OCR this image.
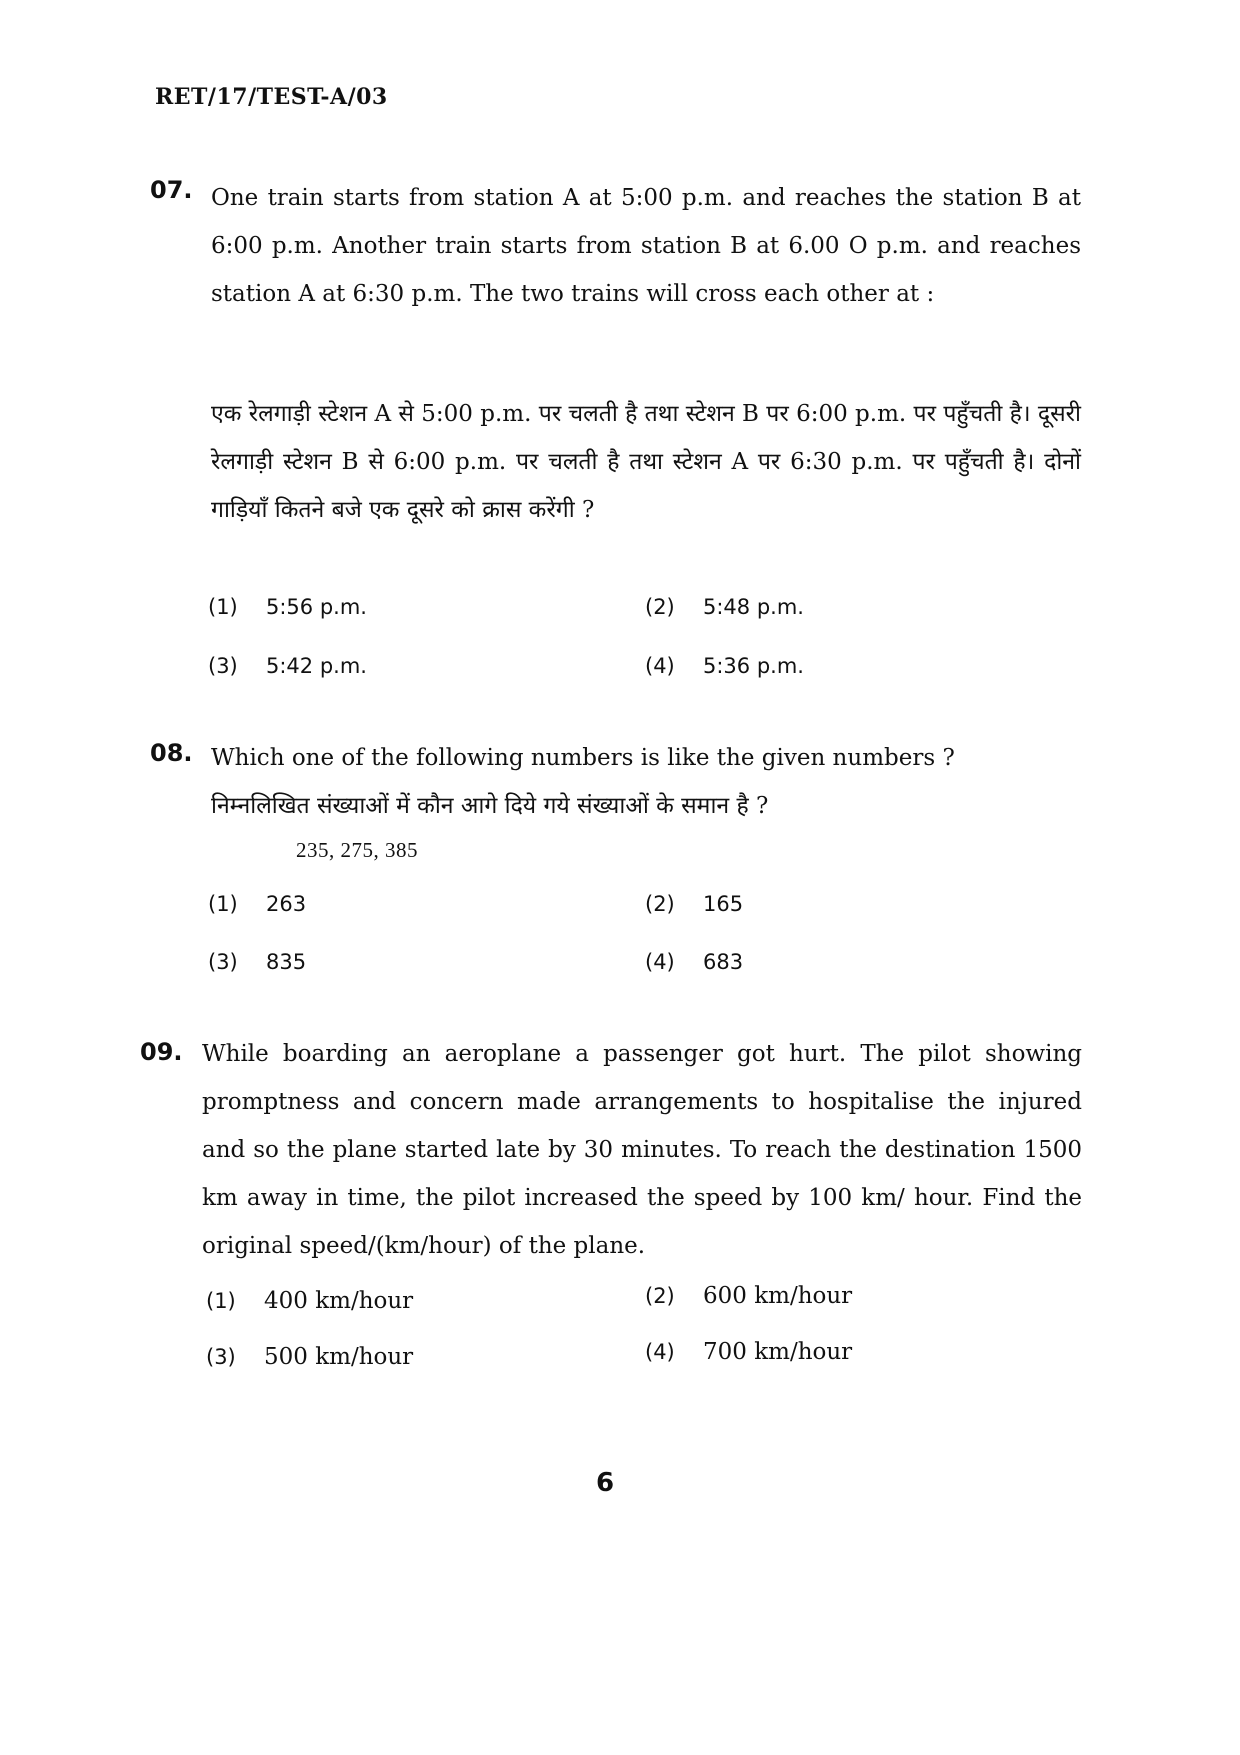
RET/17/TEST-A/03
07. One train starts from station A at 5:00 p.m. and reaches the station B at 6:00 p.m. Another train starts from station B at 6.00 O p.m. and reaches station A at 6:30 p.m. The two trains will cross each other at :
एक रेलगाड़ी स्टेशन A से 5:00 p.m. पर चलती है तथा स्टेशन B पर 6:00 p.m. पर पहुँचती है। दूसरी रेलगाड़ी स्टेशन B से 6:00 p.m. पर चलती है तथा स्टेशन A पर 6:30 p.m. पर पहुँचती है। दोनों गाड़ियाँ कितने बजे एक दूसरे को क्रास करेंगी ?
(1)	5:56 p.m.	(2)	5:48 p.m.
(3)	5:42 p.m.	(4)	5:36 p.m.
08. Which one of the following numbers is like the given numbers ?
निम्नलिखित संख्याओं में कौन आगे दिये गये संख्याओं के समान है ?
235, 275, 385
(1)	263	(2)	165
(3)	835	(4)	683
09. While boarding an aeroplane a passenger got hurt. The pilot showing promptness and concern made arrangements to hospitalise the injured and so the plane started late by 30 minutes. To reach the destination 1500 km away in time, the pilot increased the speed by 100 km/ hour. Find the original speed/(km/hour) of the plane.
(1)	400 km/hour	(2)	600 km/hour
(3)	500 km/hour	(4)	700 km/hour
6
